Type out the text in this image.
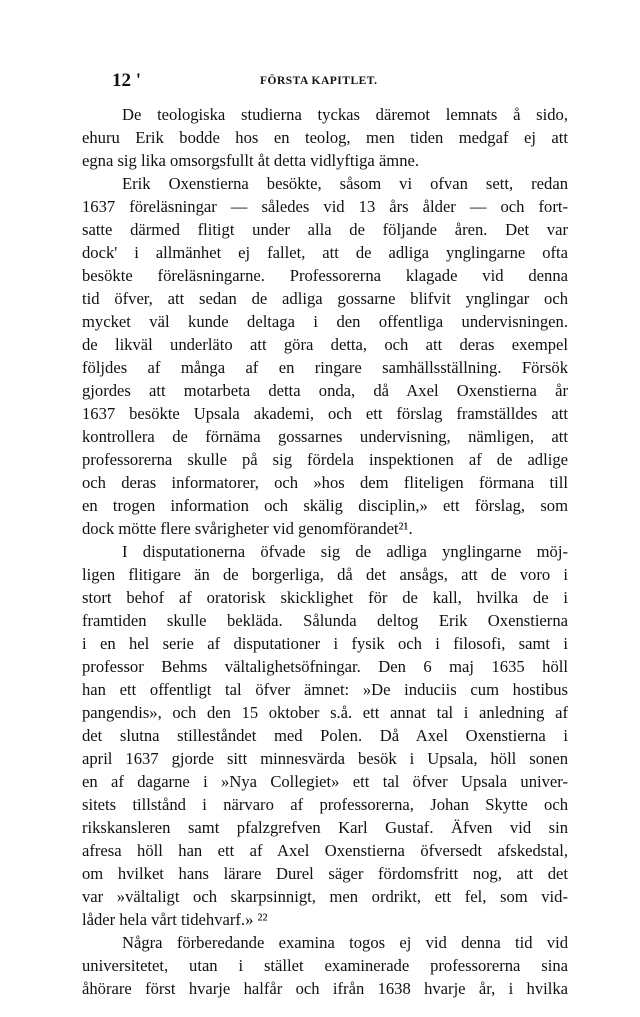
12 '	FÖRSTA KAPITLET.
De teologiska studierna tyckas däremot lemnats å sido,
ehuru Erik bodde hos en teolog, men tiden medgaf ej att
egna sig lika omsorgsfullt åt detta vidlyftiga ämne.
Erik Oxenstierna besökte, såsom vi ofvan sett, redan
1637 föreläsningar — således vid 13 års ålder — och fort-
satte därmed flitigt under alla de följande åren. Det var
dock' i allmänhet ej fallet, att de adliga ynglingarne ofta
besökte föreläsningarne. Professorerna klagade vid denna
tid öfver, att sedan de adliga gossarne blifvit ynglingar och
mycket väl kunde deltaga i den offentliga undervisningen.
de likväl underläto att göra detta, och att deras exempel
följdes af många af en ringare samhällsställning. Försök
gjordes att motarbeta detta onda, då Axel Oxenstierna år
1637 besökte Upsala akademi, och ett förslag framställdes att
kontrollera de förnäma gossarnes undervisning, nämligen, att
professorerna skulle på sig fördela inspektionen af de adlige
och deras informatorer, och »hos dem fliteligen förmana till
en trogen information och skälig disciplin,» ett förslag, som
dock mötte flere svårigheter vid genomförandet²¹.
I disputationerna öfvade sig de adliga ynglingarne möj-
ligen flitigare än de borgerliga, då det ansågs, att de voro i
stort behof af oratorisk skicklighet för de kall, hvilka de i
framtiden skulle bekläda. Sålunda deltog Erik Oxenstierna
i en hel serie af disputationer i fysik och i filosofi, samt i
professor Behms vältalighetsöfningar. Den 6 maj 1635 höll
han ett offentligt tal öfver ämnet: »De induciis cum hostibus
pangendis», och den 15 oktober s.å. ett annat tal i anledning af
det slutna stilleståndet med Polen. Då Axel Oxenstierna i
april 1637 gjorde sitt minnesvärda besök i Upsala, höll sonen
en af dagarne i »Nya Collegiet» ett tal öfver Upsala univer-
sitets tillstånd i närvaro af professorerna, Johan Skytte och
rikskansleren samt pfalzgrefven Karl Gustaf. Äfven vid sin
afresa höll han ett af Axel Oxenstierna öfversedt afskedstal,
om hvilket hans lärare Durel säger fördomsfritt nog, att det
var »vältaligt och skarpsinnigt, men ordrikt, ett fel, som vid-
låder hela vårt tidehvarf.» ²²
Några förberedande examina togos ej vid denna tid vid
universitetet, utan i stället examinerade professorerna sina
åhörare först hvarje halfår och ifrån 1638 hvarje år, i hvilka
